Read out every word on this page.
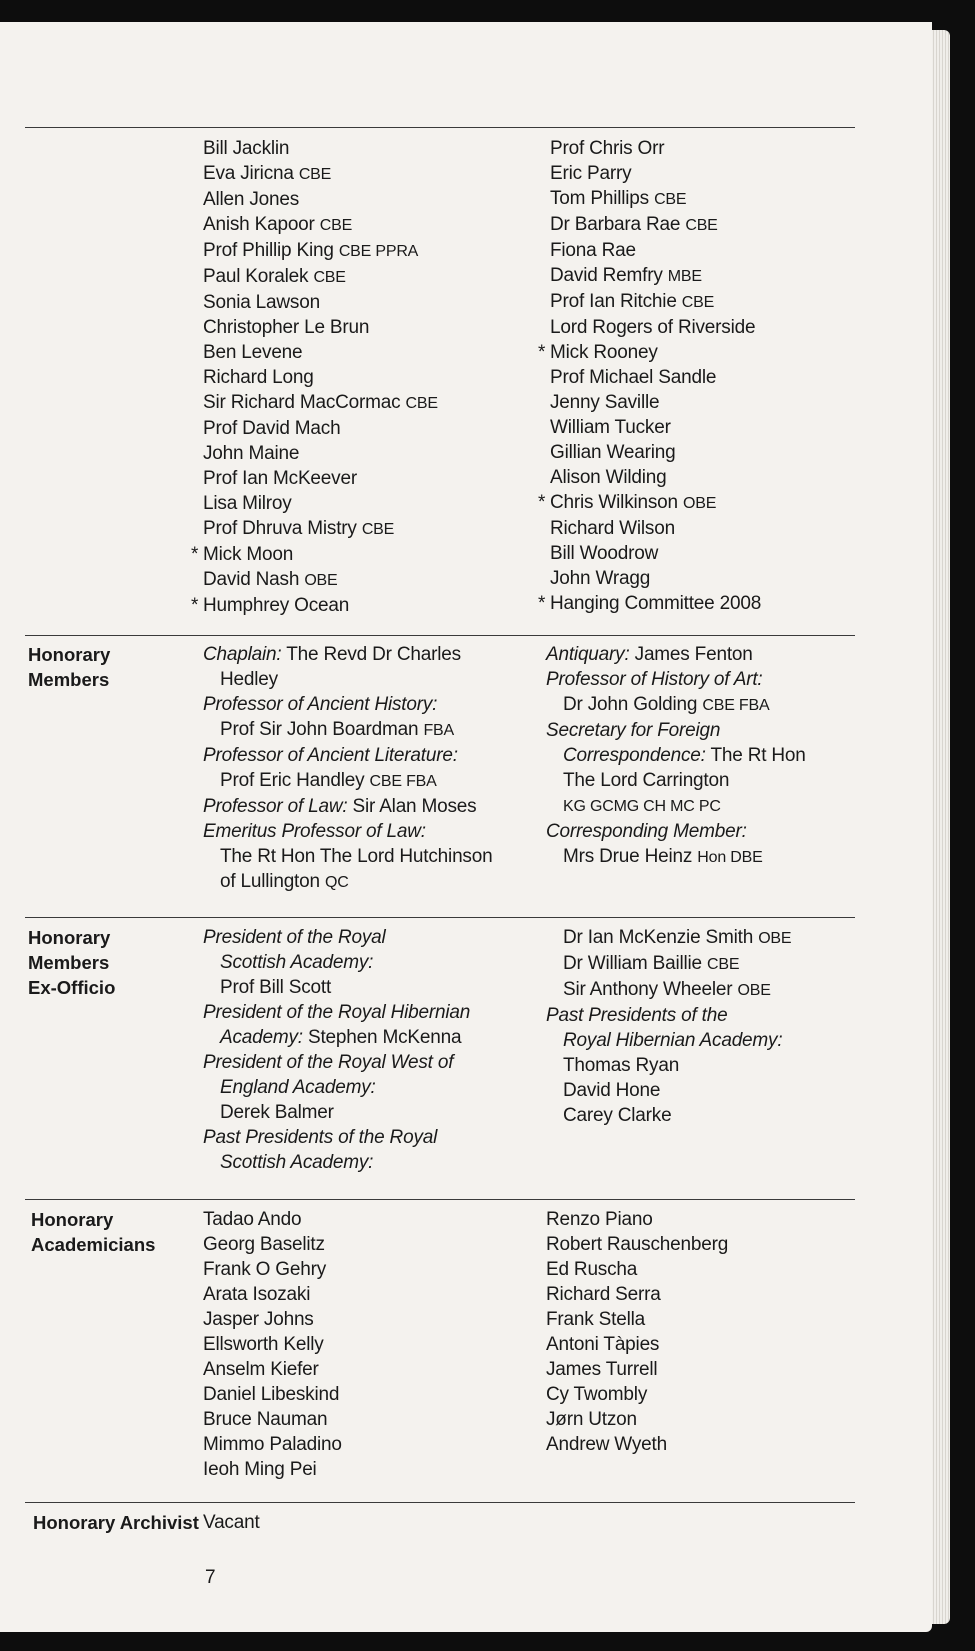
Bill Jacklin
Eva Jiricna CBE
Allen Jones
Anish Kapoor CBE
Prof Phillip King CBE PPRA
Paul Koralek CBE
Sonia Lawson
Christopher Le Brun
Ben Levene
Richard Long
Sir Richard MacCormac CBE
Prof David Mach
John Maine
Prof Ian McKeever
Lisa Milroy
Prof Dhruva Mistry CBE
* Mick Moon
David Nash OBE
* Humphrey Ocean
Prof Chris Orr
Eric Parry
Tom Phillips CBE
Dr Barbara Rae CBE
Fiona Rae
David Remfry MBE
Prof Ian Ritchie CBE
Lord Rogers of Riverside
* Mick Rooney
Prof Michael Sandle
Jenny Saville
William Tucker
Gillian Wearing
Alison Wilding
* Chris Wilkinson OBE
Richard Wilson
Bill Woodrow
John Wragg
* Hanging Committee 2008
Honorary
Members
Chaplain: The Revd Dr Charles
Hedley
Professor of Ancient History:
Prof Sir John Boardman FBA
Professor of Ancient Literature:
Prof Eric Handley CBE FBA
Professor of Law: Sir Alan Moses
Emeritus Professor of Law:
The Rt Hon The Lord Hutchinson
of Lullington QC
Antiquary: James Fenton
Professor of History of Art:
Dr John Golding CBE FBA
Secretary for Foreign
Correspondence: The Rt Hon
The Lord Carrington
KG GCMG CH MC PC
Corresponding Member:
Mrs Drue Heinz Hon DBE
Honorary
Members
Ex-Officio
President of the Royal
Scottish Academy:
Prof Bill Scott
President of the Royal Hibernian
Academy: Stephen McKenna
President of the Royal West of
England Academy:
Derek Balmer
Past Presidents of the Royal
Scottish Academy:
Dr Ian McKenzie Smith OBE
Dr William Baillie CBE
Sir Anthony Wheeler OBE
Past Presidents of the
Royal Hibernian Academy:
Thomas Ryan
David Hone
Carey Clarke
Honorary
Academicians
Tadao Ando
Georg Baselitz
Frank O Gehry
Arata Isozaki
Jasper Johns
Ellsworth Kelly
Anselm Kiefer
Daniel Libeskind
Bruce Nauman
Mimmo Paladino
Ieoh Ming Pei
Renzo Piano
Robert Rauschenberg
Ed Ruscha
Richard Serra
Frank Stella
Antoni Tàpies
James Turrell
Cy Twombly
Jørn Utzon
Andrew Wyeth
Honorary Archivist Vacant
7
